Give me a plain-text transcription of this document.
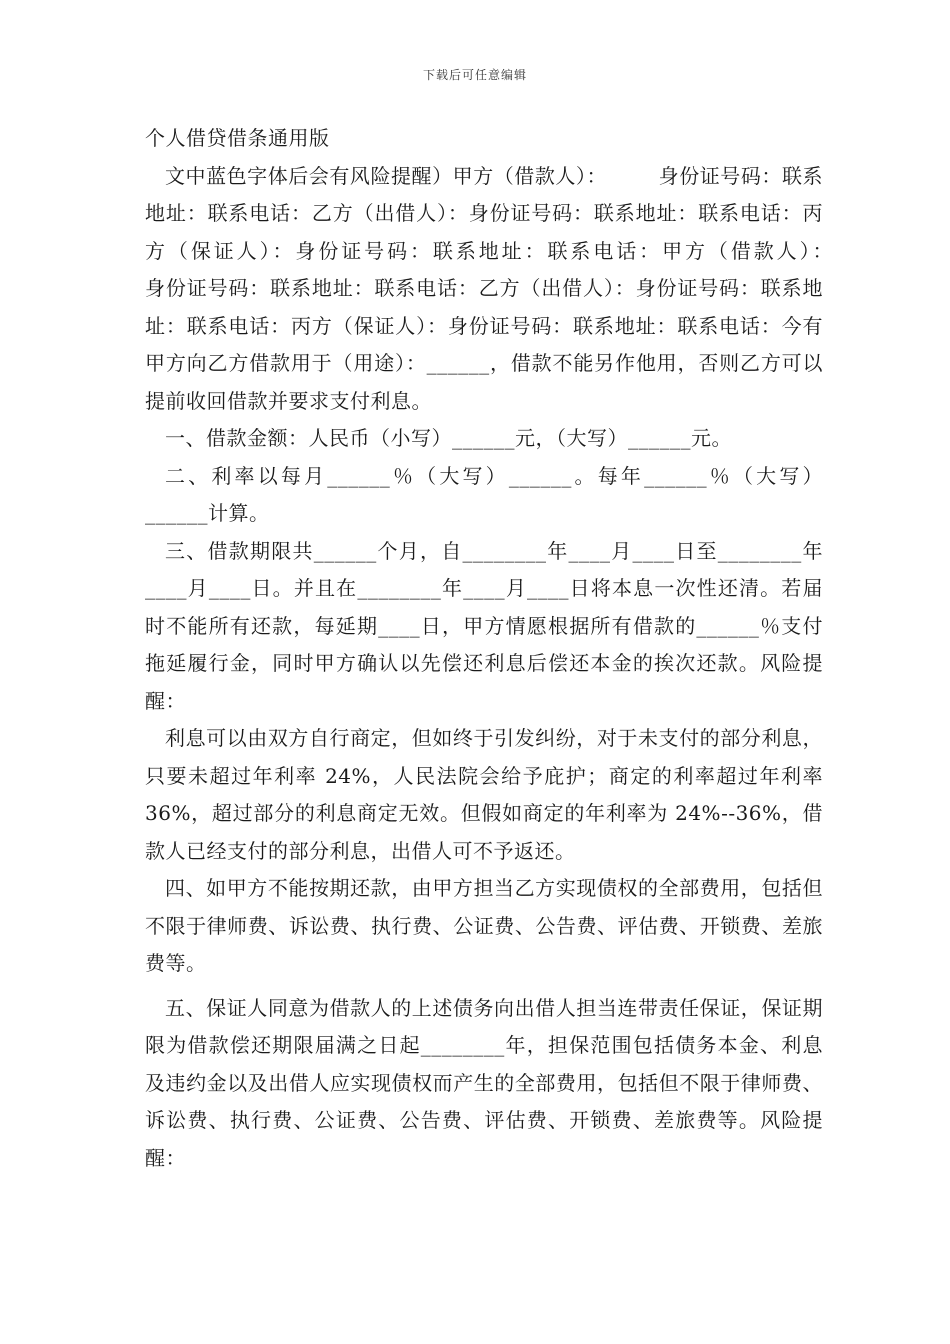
下载后可任意编辑

个人借贷借条通用版

文中蓝色字体后会有风险提醒）甲方（借款人）：　　　身份证号码：联系地址：联系电话：乙方（出借人）：身份证号码：联系地址：联系电话：丙方（保证人）：身份证号码：联系地址：联系电话：甲方（借款人）：　　　身份证号码：联系地址：联系电话：乙方（出借人）：身份证号码：联系地址：联系电话：丙方（保证人）：身份证号码：联系地址：联系电话：今有甲方向乙方借款用于（用途）：______，借款不能另作他用，否则乙方可以提前收回借款并要求支付利息。

一、借款金额：人民币（小写）______元，（大写）______元。

二、利率以每月______％（大写）______。每年______％（大写）______计算。

三、借款期限共______个月，自________年____月____日至________年____月____日。并且在________年____月____日将本息一次性还清。若届时不能所有还款，每延期____日，甲方情愿根据所有借款的______％支付拖延履行金，同时甲方确认以先偿还利息后偿还本金的挨次还款。风险提醒：

利息可以由双方自行商定，但如终于引发纠纷，对于未支付的部分利息，只要未超过年利率 24%，人民法院会给予庇护；商定的利率超过年利率 36%，超过部分的利息商定无效。但假如商定的年利率为 24%--36%，借款人已经支付的部分利息，出借人可不予返还。

四、如甲方不能按期还款，由甲方担当乙方实现债权的全部费用，包括但不限于律师费、诉讼费、执行费、公证费、公告费、评估费、开锁费、差旅费等。

五、保证人同意为借款人的上述债务向出借人担当连带责任保证，保证期限为借款偿还期限届满之日起________年，担保范围包括债务本金、利息及违约金以及出借人应实现债权而产生的全部费用，包括但不限于律师费、诉讼费、执行费、公证费、公告费、评估费、开锁费、差旅费等。风险提醒：
